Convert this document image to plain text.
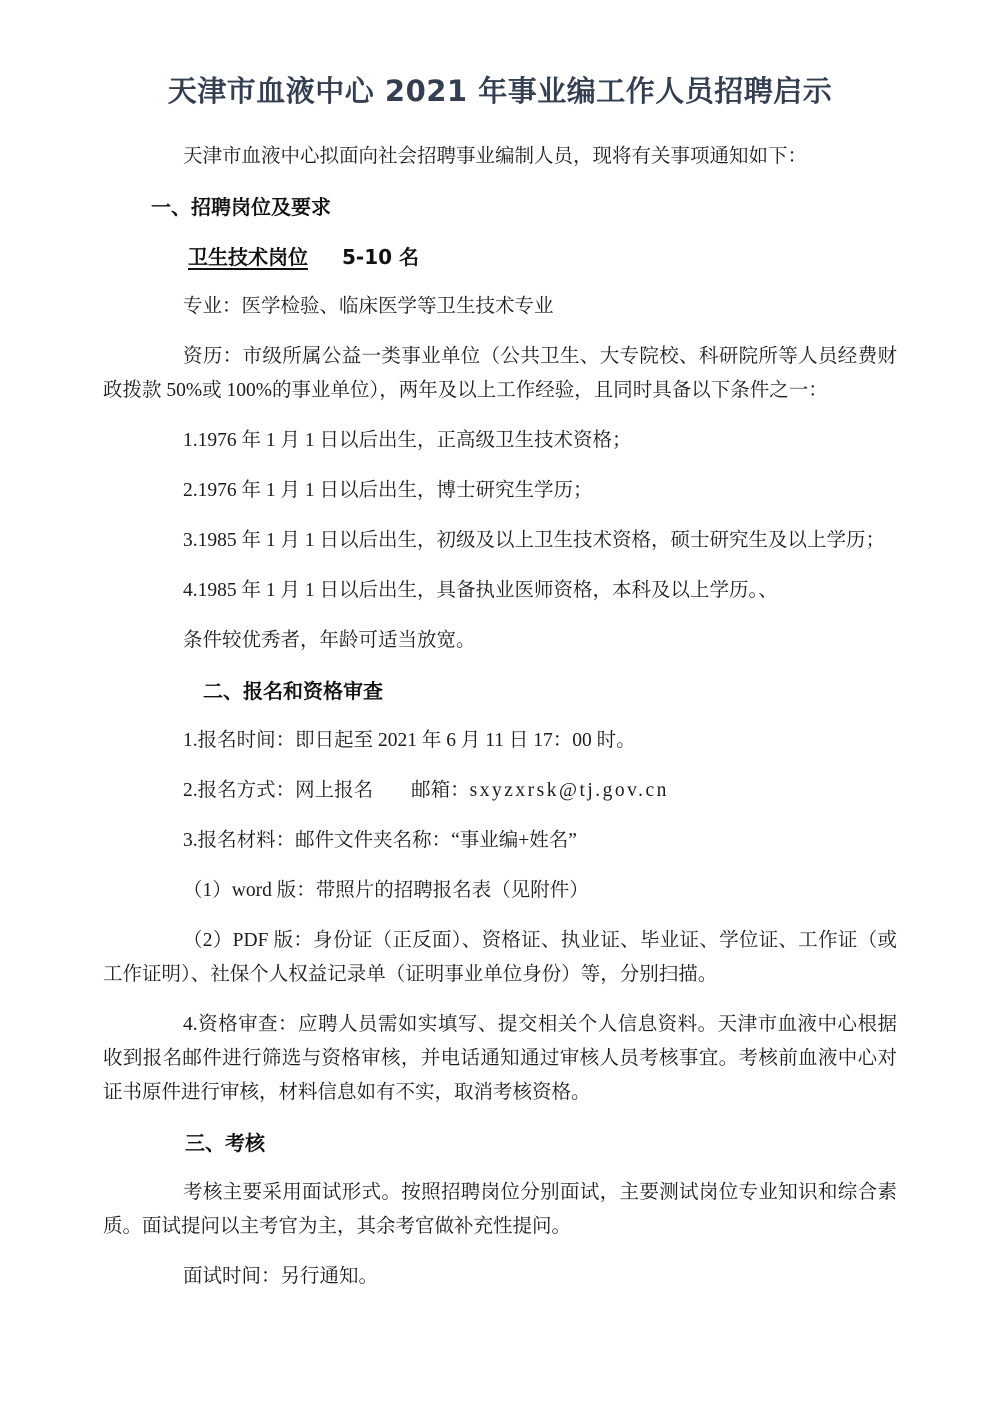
天津市血液中心 2021 年事业编工作人员招聘启示

天津市血液中心拟面向社会招聘事业编制人员，现将有关事项通知如下：

一、招聘岗位及要求
卫生技术岗位 5-10 名

专业：医学检验、临床医学等卫生技术专业

资历：市级所属公益一类事业单位（公共卫生、大专院校、科研院所等人员经费财政拨款 50%或 100%的事业单位），两年及以上工作经验，且同时具备以下条件之一：

1.1976 年 1 月 1 日以后出生，正高级卫生技术资格；

2.1976 年 1 月 1 日以后出生，博士研究生学历；

3.1985 年 1 月 1 日以后出生，初级及以上卫生技术资格，硕士研究生及以上学历；

4.1985 年 1 月 1 日以后出生，具备执业医师资格，本科及以上学历。、

条件较优秀者，年龄可适当放宽。

二、报名和资格审查

1.报名时间：即日起至 2021 年 6 月 11 日 17：00 时。

2.报名方式：网上报名 邮箱：sxyzxrsk@tj.gov.cn

3.报名材料：邮件文件夹名称：“事业编+姓名”

（1）word 版：带照片的招聘报名表（见附件）

（2）PDF 版：身份证（正反面）、资格证、执业证、毕业证、学位证、工作证（或工作证明）、社保个人权益记录单（证明事业单位身份）等，分别扫描。

4.资格审查：应聘人员需如实填写、提交相关个人信息资料。天津市血液中心根据收到报名邮件进行筛选与资格审核，并电话通知通过审核人员考核事宜。考核前血液中心对证书原件进行审核，材料信息如有不实，取消考核资格。

三、考核

考核主要采用面试形式。按照招聘岗位分别面试，主要测试岗位专业知识和综合素质。面试提问以主考官为主，其余考官做补充性提问。

面试时间：另行通知。
